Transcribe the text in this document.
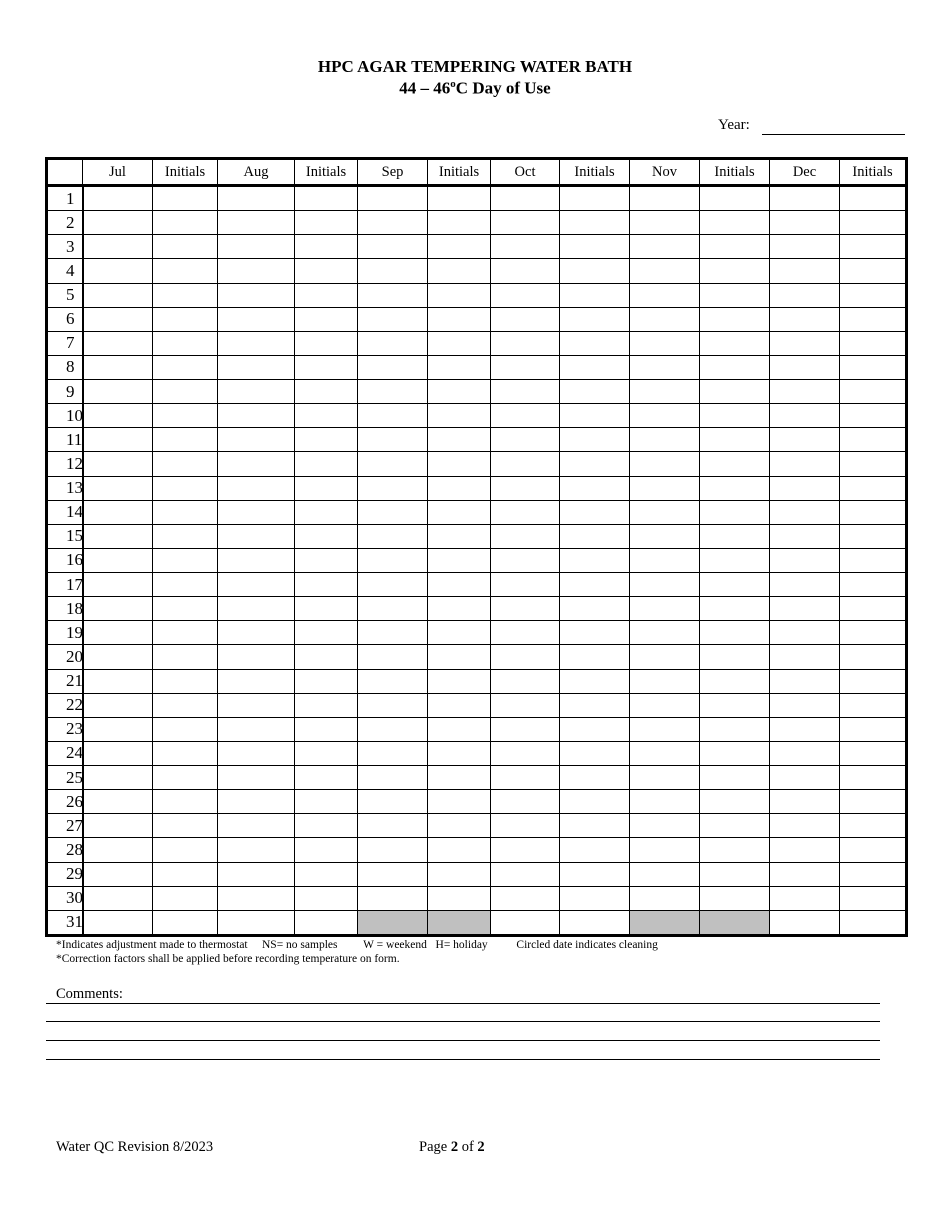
HPC AGAR TEMPERING WATER BATH
44 – 46$^o$C Day of Use
Year:
	Jul	Initials	Aug	Initials	Sep	Initials	Oct	Initials	Nov	Initials	Dec	Initials
1												
2												
3												
4												
5												
6												
7												
8												
9												
10												
11												
12												
13												
14												
15												
16												
17												
18												
19												
20												
21												
22												
23												
24												
25												
26												
27												
28												
29												
30												
31												
*Indicates adjustment made to thermostat     NS= no samples         W = weekend   H= holiday          Circled date indicates cleaning
*Correction factors shall be applied before recording temperature on form.
Comments:
Water QC Revision 8/2023	Page 2 of 2
